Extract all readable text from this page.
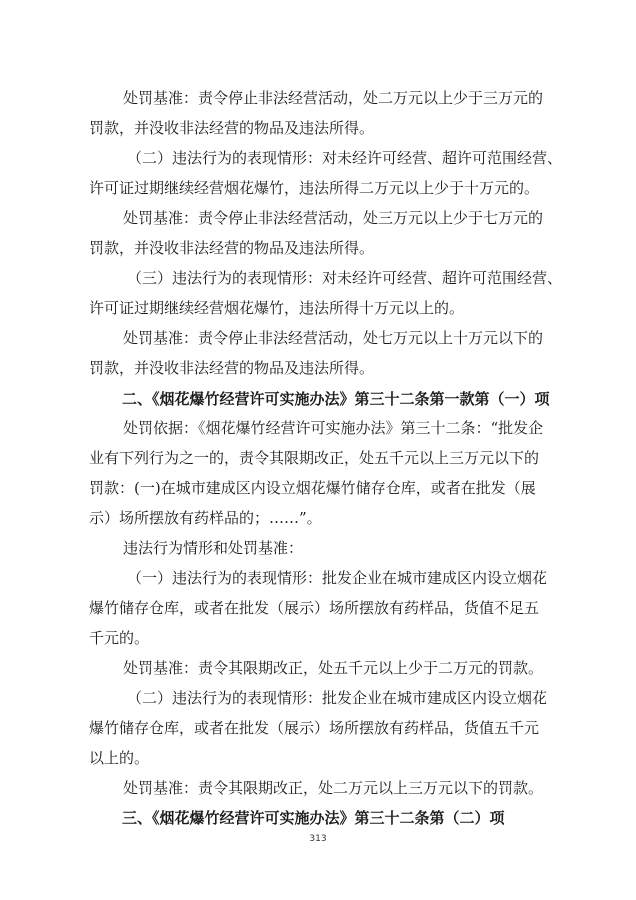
处罚基准：责令停止非法经营活动，处二万元以上少于三万元的
罚款，并没收非法经营的物品及违法所得。
（二）违法行为的表现情形：对未经许可经营、超许可范围经营、
许可证过期继续经营烟花爆竹，违法所得二万元以上少于十万元的。
处罚基准：责令停止非法经营活动，处三万元以上少于七万元的
罚款，并没收非法经营的物品及违法所得。
（三）违法行为的表现情形：对未经许可经营、超许可范围经营、
许可证过期继续经营烟花爆竹，违法所得十万元以上的。
处罚基准：责令停止非法经营活动，处七万元以上十万元以下的
罚款，并没收非法经营的物品及违法所得。
二、《烟花爆竹经营许可实施办法》第三十二条第一款第（一）项
处罚依据：《烟花爆竹经营许可实施办法》第三十二条：“批发企
业有下列行为之一的，责令其限期改正，处五千元以上三万元以下的
罚款：(一)在城市建成区内设立烟花爆竹储存仓库，或者在批发（展
示）场所摆放有药样品的；……”。
违法行为情形和处罚基准：
（一）违法行为的表现情形：批发企业在城市建成区内设立烟花
爆竹储存仓库，或者在批发（展示）场所摆放有药样品，货值不足五
千元的。
处罚基准：责令其限期改正，处五千元以上少于二万元的罚款。
（二）违法行为的表现情形：批发企业在城市建成区内设立烟花
爆竹储存仓库，或者在批发（展示）场所摆放有药样品，货值五千元
以上的。
处罚基准：责令其限期改正，处二万元以上三万元以下的罚款。
三、《烟花爆竹经营许可实施办法》第三十二条第（二）项
313
